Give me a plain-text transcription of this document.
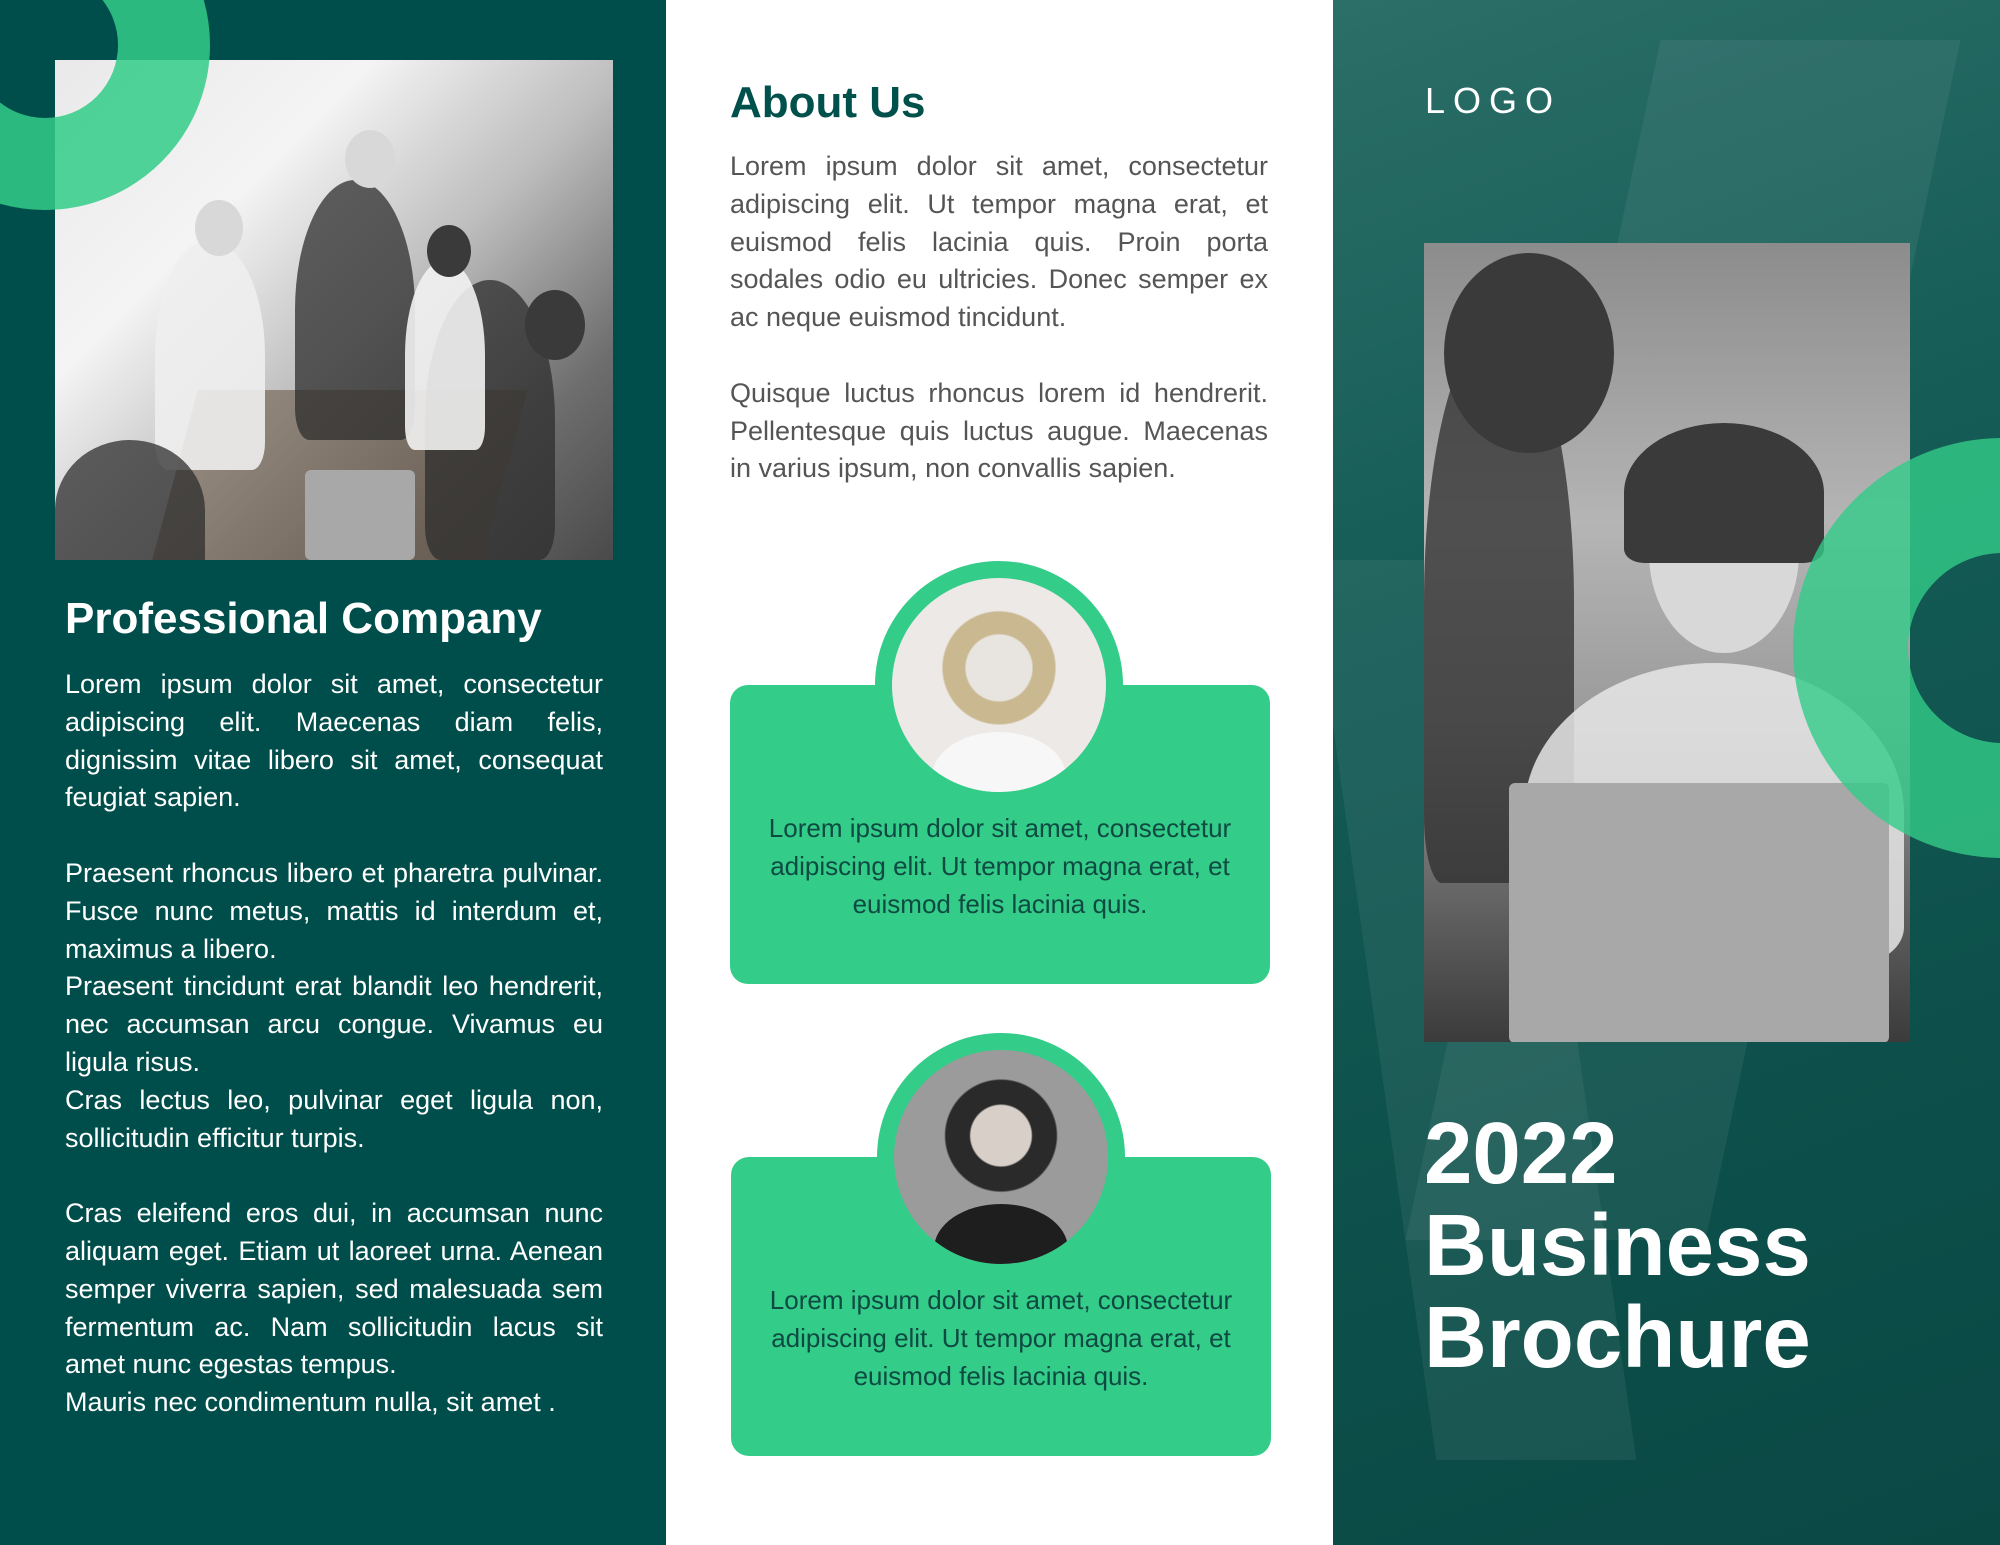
Professional Company
Lorem ipsum dolor sit amet, consectetur adipiscing elit. Maecenas diam felis, dignissim vitae libero sit amet, consequat feugiat sapien.
Praesent rhoncus libero et pharetra pulvinar. Fusce nunc metus, mattis id interdum et, maximus a libero.
Praesent tincidunt erat blandit leo hendrerit, nec accumsan arcu congue. Vivamus eu ligula risus.
Cras lectus leo, pulvinar eget ligula non, sollicitudin efficitur turpis.
Cras eleifend eros dui, in accumsan nunc aliquam eget. Etiam ut laoreet urna. Aenean semper viverra sapien, sed malesuada sem fermentum ac. Nam sollicitudin lacus sit amet nunc egestas tempus.
Mauris nec condimentum nulla, sit amet .
About Us
Lorem ipsum dolor sit amet, consectetur adipiscing elit. Ut tempor magna erat, et euismod felis lacinia quis. Proin porta sodales odio eu ultricies. Donec semper ex ac neque euismod tincidunt.
Quisque luctus rhoncus lorem id hendrerit. Pellentesque quis luctus augue. Maecenas in varius ipsum, non convallis sapien.

Lorem ipsum dolor sit amet, consectetur adipiscing elit. Ut tempor magna erat, et euismod felis lacinia quis.

Lorem ipsum dolor sit amet, consectetur adipiscing elit. Ut tempor magna erat, et euismod felis lacinia quis.

LOGO
2022
Business
Brochure
